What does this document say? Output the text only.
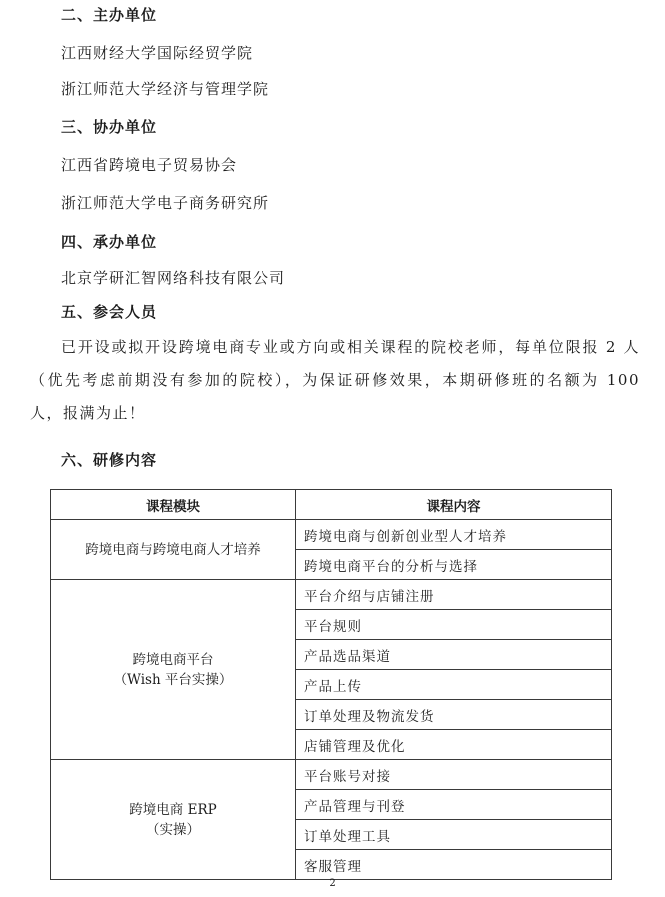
二、主办单位

江西财经大学国际经贸学院

浙江师范大学经济与管理学院

三、协办单位

江西省跨境电子贸易协会

浙江师范大学电子商务研究所

四、承办单位

北京学研汇智网络科技有限公司

五、参会人员

已开设或拟开设跨境电商专业或方向或相关课程的院校老师，每单位限报 2 人（优先考虑前期没有参加的院校），为保证研修效果，本期研修班的名额为 100 人，报满为止！

六、研修内容
课程模块	课程内容

跨境电商与跨境电商人才培养	跨境电商与创新创业型人才培养
	跨境电商平台的分析与选择

跨境电商平台
（Wish 平台实操）	平台介绍与店铺注册
	平台规则
	产品选品渠道
	产品上传
	订单处理及物流发货
	店铺管理及优化

跨境电商 ERP
（实操）	平台账号对接
	产品管理与刊登
	订单处理工具
	客服管理
2
